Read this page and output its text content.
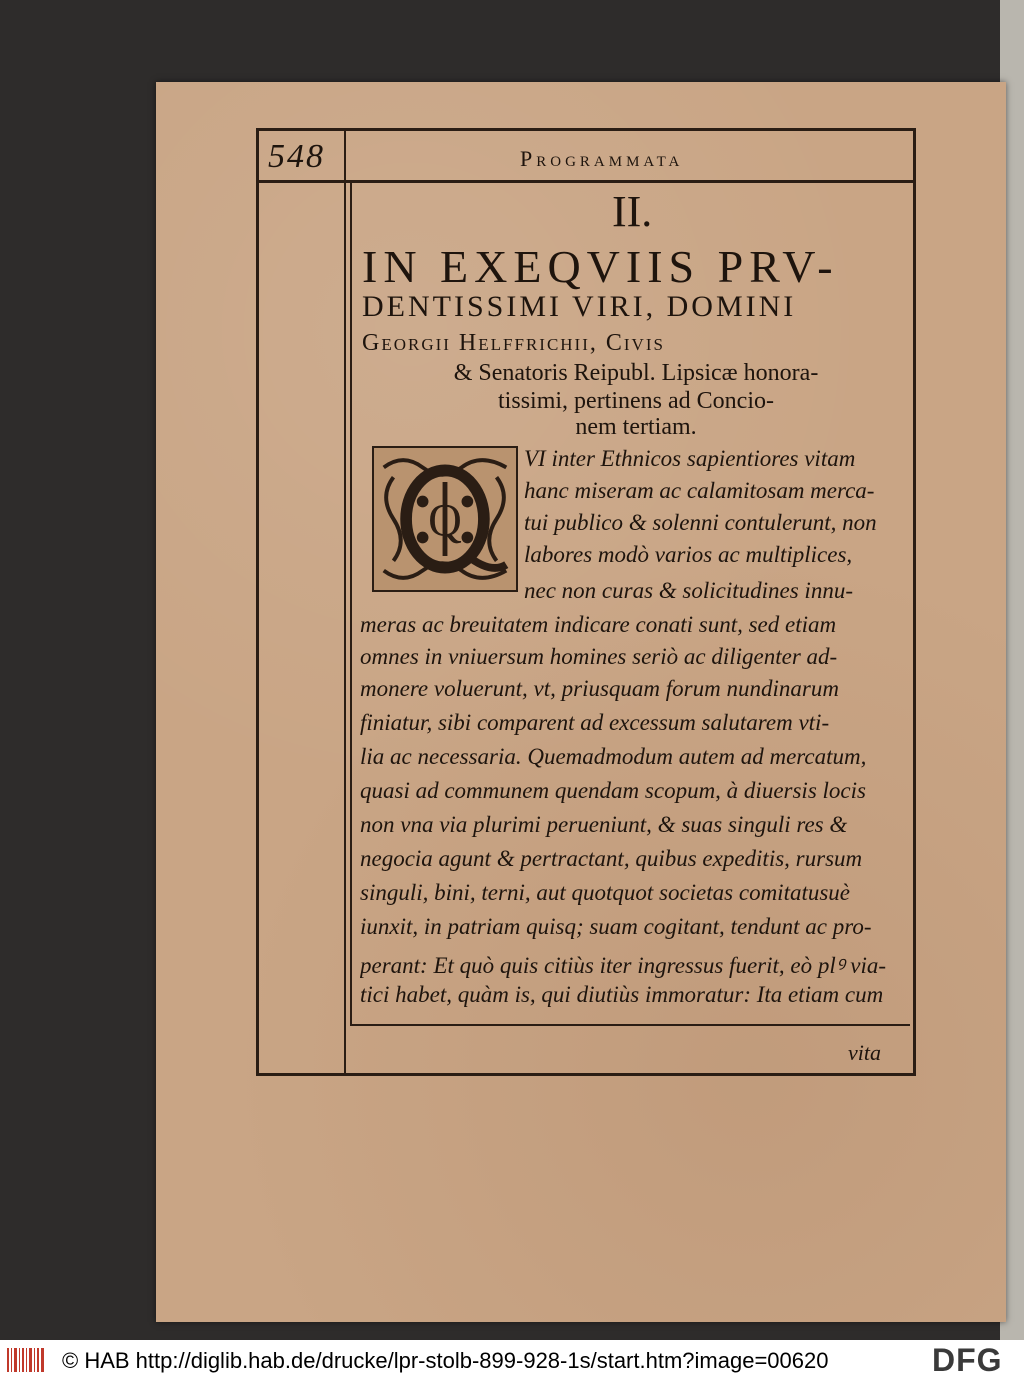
548	Programmata
II.
IN EXEQVIIS PRV-
DENTISSIMI VIRI, DOMINI
Georgii Helffrichii, Civis
& Senatoris Reipubl. Lipsicæ honora-
tissimi, pertinens ad Concio-
nem tertiam.
Q
VI inter Ethnicos sapientiores vitam
hanc miseram ac calamitosam merca-
tui publico & solenni contulerunt, non
labores modò varios ac multiplices,
nec non curas & solicitudines innu-
meras ac breuitatem indicare conati sunt, sed etiam
omnes in vniuersum homines seriò ac diligenter ad-
monere voluerunt, vt, priusquam forum nundinarum
finiatur, sibi comparent ad excessum salutarem vti-
lia ac necessaria. Quemadmodum autem ad mercatum,
quasi ad communem quendam scopum, à diuersis locis
non vna via plurimi perueniunt, & suas singuli res &
negocia agunt & pertractant, quibus expeditis, rursum
singuli, bini, terni, aut quotquot societas comitatusuè
iunxit, in patriam quisq; suam cogitant, tendunt ac pro-
perant: Et quò quis citiùs iter ingressus fuerit, eò plꝰ via-
tici habet, quàm is, qui diutiùs immoratur: Ita etiam cum
vita
© HAB http://diglib.hab.de/drucke/lpr-stolb-899-928-1s/start.htm?image=00620	DFG
